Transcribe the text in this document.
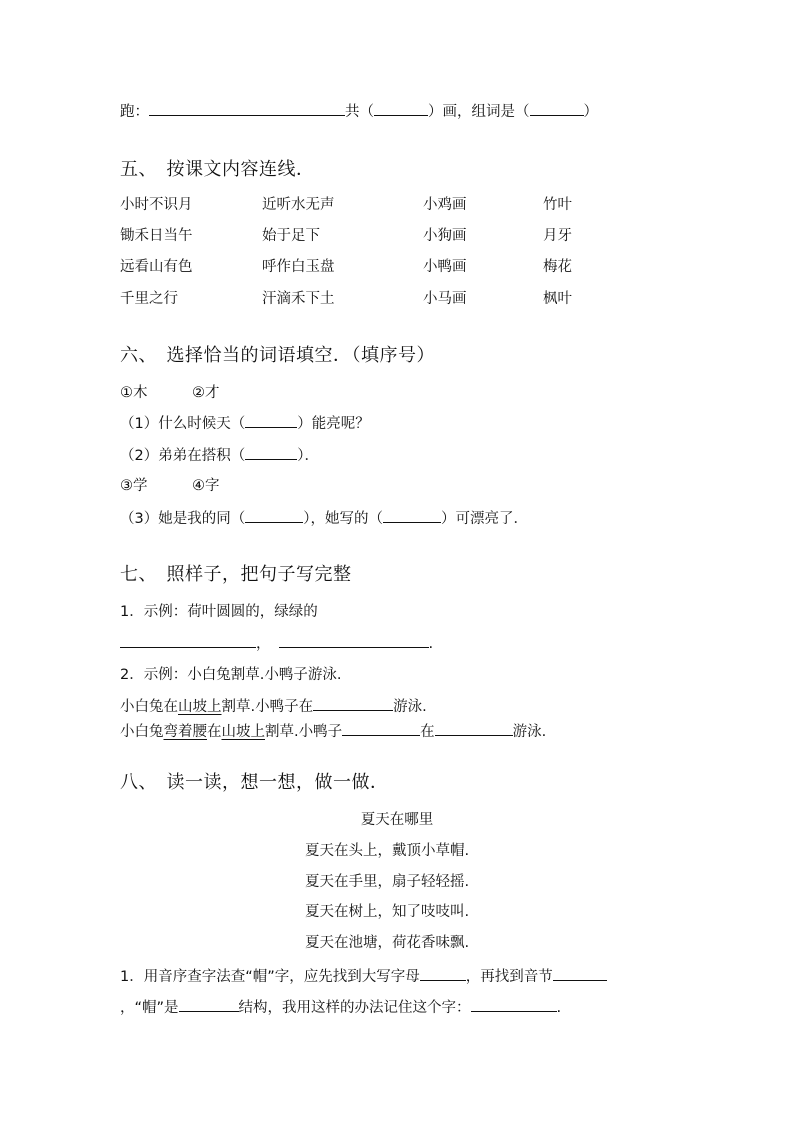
跑：	共（	）画，组词是（	）
五、　按课文内容连线．
小时不识月	近听水无声	小鸡画	竹叶
锄禾日当午	始于足下	小狗画	月牙
远看山有色	呼作白玉盘	小鸭画	梅花
千里之行	汗滴禾下土	小马画	枫叶
六、　选择恰当的词语填空．（填序号）
①木	②才
（1）什么时候天（	）能亮呢？
（2）弟弟在搭积（	）．
③学	④字
（3）她是我的同（	），她写的（	）可漂亮了．
七、　照样子，把句子写完整
1．示例：荷叶圆圆的，绿绿的
，	.
2．示例：小白兔割草.小鸭子游泳.
小白兔在山坡上割草.小鸭子在	游泳.
小白兔弯着腰在山坡上割草.小鸭子	在	游泳.
八、　读一读，想一想，做一做．
夏天在哪里
夏天在头上，戴顶小草帽.
夏天在手里，扇子轻轻摇.
夏天在树上，知了吱吱叫.
夏天在池塘，荷花香味飘.
1．用音序查字法查“帽”字，应先找到大写字母	，再找到音节
，“帽”是	结构，我用这样的办法记住这个字：	.
